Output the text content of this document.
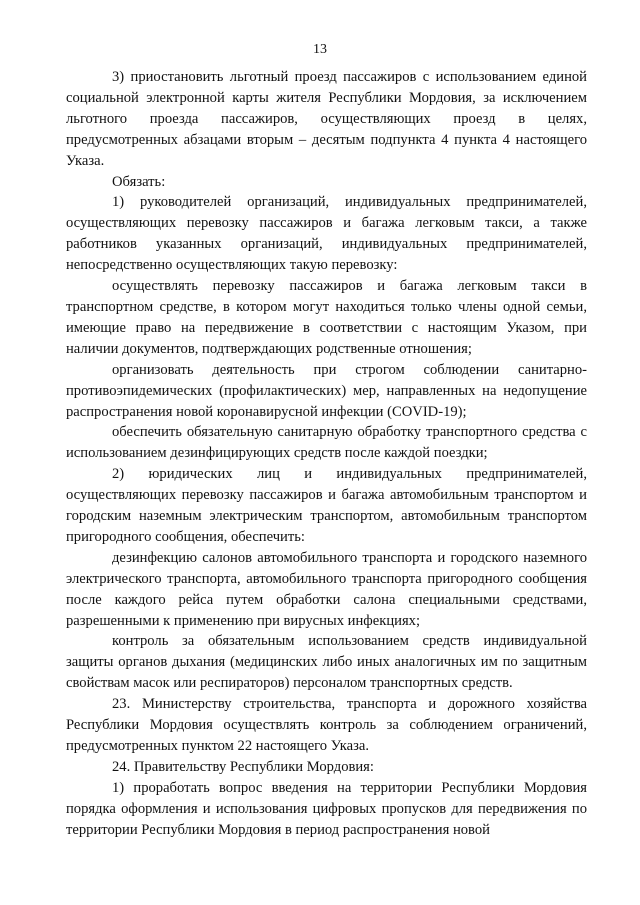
13

3) приостановить льготный проезд пассажиров с использованием единой социальной электронной карты жителя Республики Мордовия, за исключением льготного проезда пассажиров, осуществляющих проезд в целях, предусмотренных абзацами вторым – десятым подпункта 4 пункта 4 настоящего Указа.

Обязать:

1) руководителей организаций, индивидуальных предпринимателей, осуществляющих перевозку пассажиров и багажа легковым такси, а также работников указанных организаций, индивидуальных предпринимателей, непосредственно осуществляющих такую перевозку:

осуществлять перевозку пассажиров и багажа легковым такси в транспортном средстве, в котором могут находиться только члены одной семьи, имеющие право на передвижение в соответствии с настоящим Указом, при наличии документов, подтверждающих родственные отношения;

организовать деятельность при строгом соблюдении санитарно-противоэпидемических (профилактических) мер, направленных на недопущение распространения новой коронавирусной инфекции (COVID-19);

обеспечить обязательную санитарную обработку транспортного средства с использованием дезинфицирующих средств после каждой поездки;

2) юридических лиц и индивидуальных предпринимателей, осуществляющих перевозку пассажиров и багажа автомобильным транспортом и городским наземным электрическим транспортом, автомобильным транспортом пригородного сообщения, обеспечить:

дезинфекцию салонов автомобильного транспорта и городского наземного электрического транспорта, автомобильного транспорта пригородного сообщения после каждого рейса путем обработки салона специальными средствами, разрешенными к применению при вирусных инфекциях;

контроль за обязательным использованием средств индивидуальной защиты органов дыхания (медицинских либо иных аналогичных им по защитным свойствам масок или респираторов) персоналом транспортных средств.

23. Министерству строительства, транспорта и дорожного хозяйства Республики Мордовия осуществлять контроль за соблюдением ограничений, предусмотренных пунктом 22 настоящего Указа.

24. Правительству Республики Мордовия:

1) проработать вопрос введения на территории Республики Мордовия порядка оформления и использования цифровых пропусков для передвижения по территории Республики Мордовия в период распространения новой
